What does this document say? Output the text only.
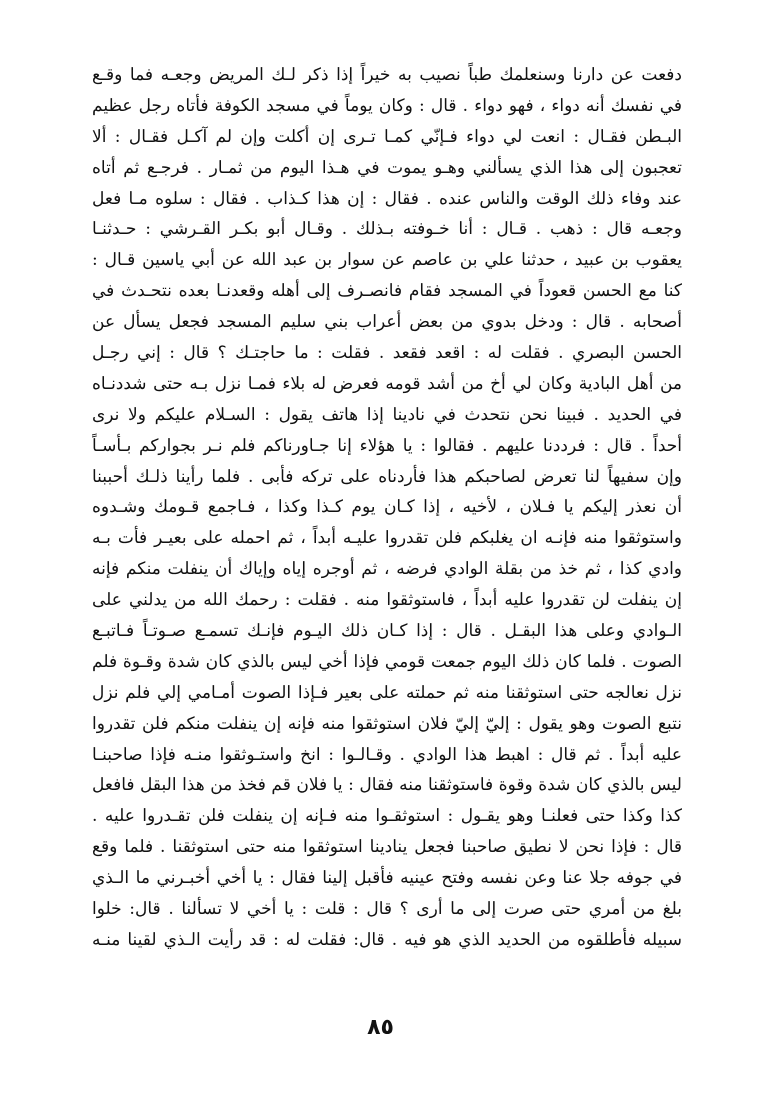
دفعت عن دارنا وسنعلمك طباً نصيب به خيراً إذا ذكر لـك المريض وجعـه فما وقـع
في نفسك أنه دواء ، فهو دواء . قال : وكان يوماً في مسجد الكوفة فأتاه رجل عظيم
البـطن فقـال : انعت لي دواء فـإنّي كمـا تـرى إن أكلت وإن لم آكـل فقـال : ألا
تعجبون إلى هذا الذي يسألني وهـو يموت في هـذا اليوم من ثمـار . فرجـع ثم أتاه
عند وفاء ذلك الوقت والناس عنده . فقال : إن هذا كـذاب . فقال : سلوه مـا فعل
وجعـه قال : ذهب . قـال : أنا خـوفته بـذلك . وقـال أبو بكـر القـرشي : حـدثنـا
يعقوب بن عبيد ، حدثنا علي بن عاصم عن سوار بن عبد الله عن أبي ياسين قـال :
كنا مع الحسن قعوداً في المسجد فقام فانصـرف إلى أهله وقعدنـا بعده نتحـدث في
أصحابه . قال : ودخل بدوي من بعض أعراب بني سليم المسجد فجعل يسأل عن
الحسن البصري . فقلت له : اقعد فقعد . فقلت : ما حاجتـك ؟ قال : إني رجـل
من أهل البادية وكان لي أخ من أشد قومه فعرض له بلاء فمـا نزل بـه حتى شددنـاه
في الحديد . فبينا نحن نتحدث في نادينا إذا هاتف يقول : السـلام عليكم ولا نرى
أحداً . قال : فرددنا عليهم . فقالوا : يا هؤلاء إنا جـاورناكم فلم نـر بجواركم بـأسـاً
وإن سفيهاً لنا تعرض لصاحبكم هذا فأردناه على تركه فأبى . فلما رأينا ذلـك أحببنا
أن نعذر إليكم يا فـلان ، لأخيه ، إذا كـان يوم كـذا وكذا ، فـاجمع قـومك وشـدوه
واستوثقوا منه فإنـه ان يغلبكم فلن تقدروا عليـه أبداً ، ثم احمله على بعيـر فأت بـه
وادي كذا ، ثم خذ من بقلة الوادي فرضه ، ثم أوجره إياه وإياك أن ينفلت منكم فإنه
إن ينفلت لن تقدروا عليه أبداً ، فاستوثقوا منه . فقلت : رحمك الله من يدلني على
الـوادي وعلى هذا البقـل . قال : إذا كـان ذلك اليـوم فإنـك تسمـع صـوتـاً فـاتبـع
الصوت . فلما كان ذلك اليوم جمعت قومي فإذا أخي ليس بالذي كان شدة وقـوة فلم
نزل نعالجه حتى استوثقنا منه ثم حملته على بعير فـإذا الصوت أمـامي إلي فلم نزل
نتبع الصوت وهو يقول : إليّ إليّ فلان استوثقوا منه فإنه إن ينفلت منكم فلن تقدروا
عليه أبداً . ثم قال : اهبط هذا الوادي . وقـالـوا : انخ واستـوثقوا منـه فإذا صاحبنـا
ليس بالذي كان شدة وقوة فاستوثقنا منه فقال : يا فلان قم فخذ من هذا البقل فافعل
كذا وكذا حتى فعلنـا وهو يقـول : استوثقـوا منه فـإنه إن ينفلت فلن تقـدروا عليه .
قال : فإذا نحن لا نطيق صاحبنا فجعل ينادينا استوثقوا منه حتى استوثقنا . فلما وقع
في جوفه جلا عنا وعن نفسه وفتح عينيه فأقبل إلينا فقال : يا أخي أخبـرني ما الـذي
بلغ من أمري حتى صرت إلى ما أرى ؟ قال : قلت : يا أخي لا تسألنا . قال: خلوا
سبيله فأطلقوه من الحديد الذي هو فيه . قال: فقلت له : قد رأيت الـذي لقينا منـه
٨٥
